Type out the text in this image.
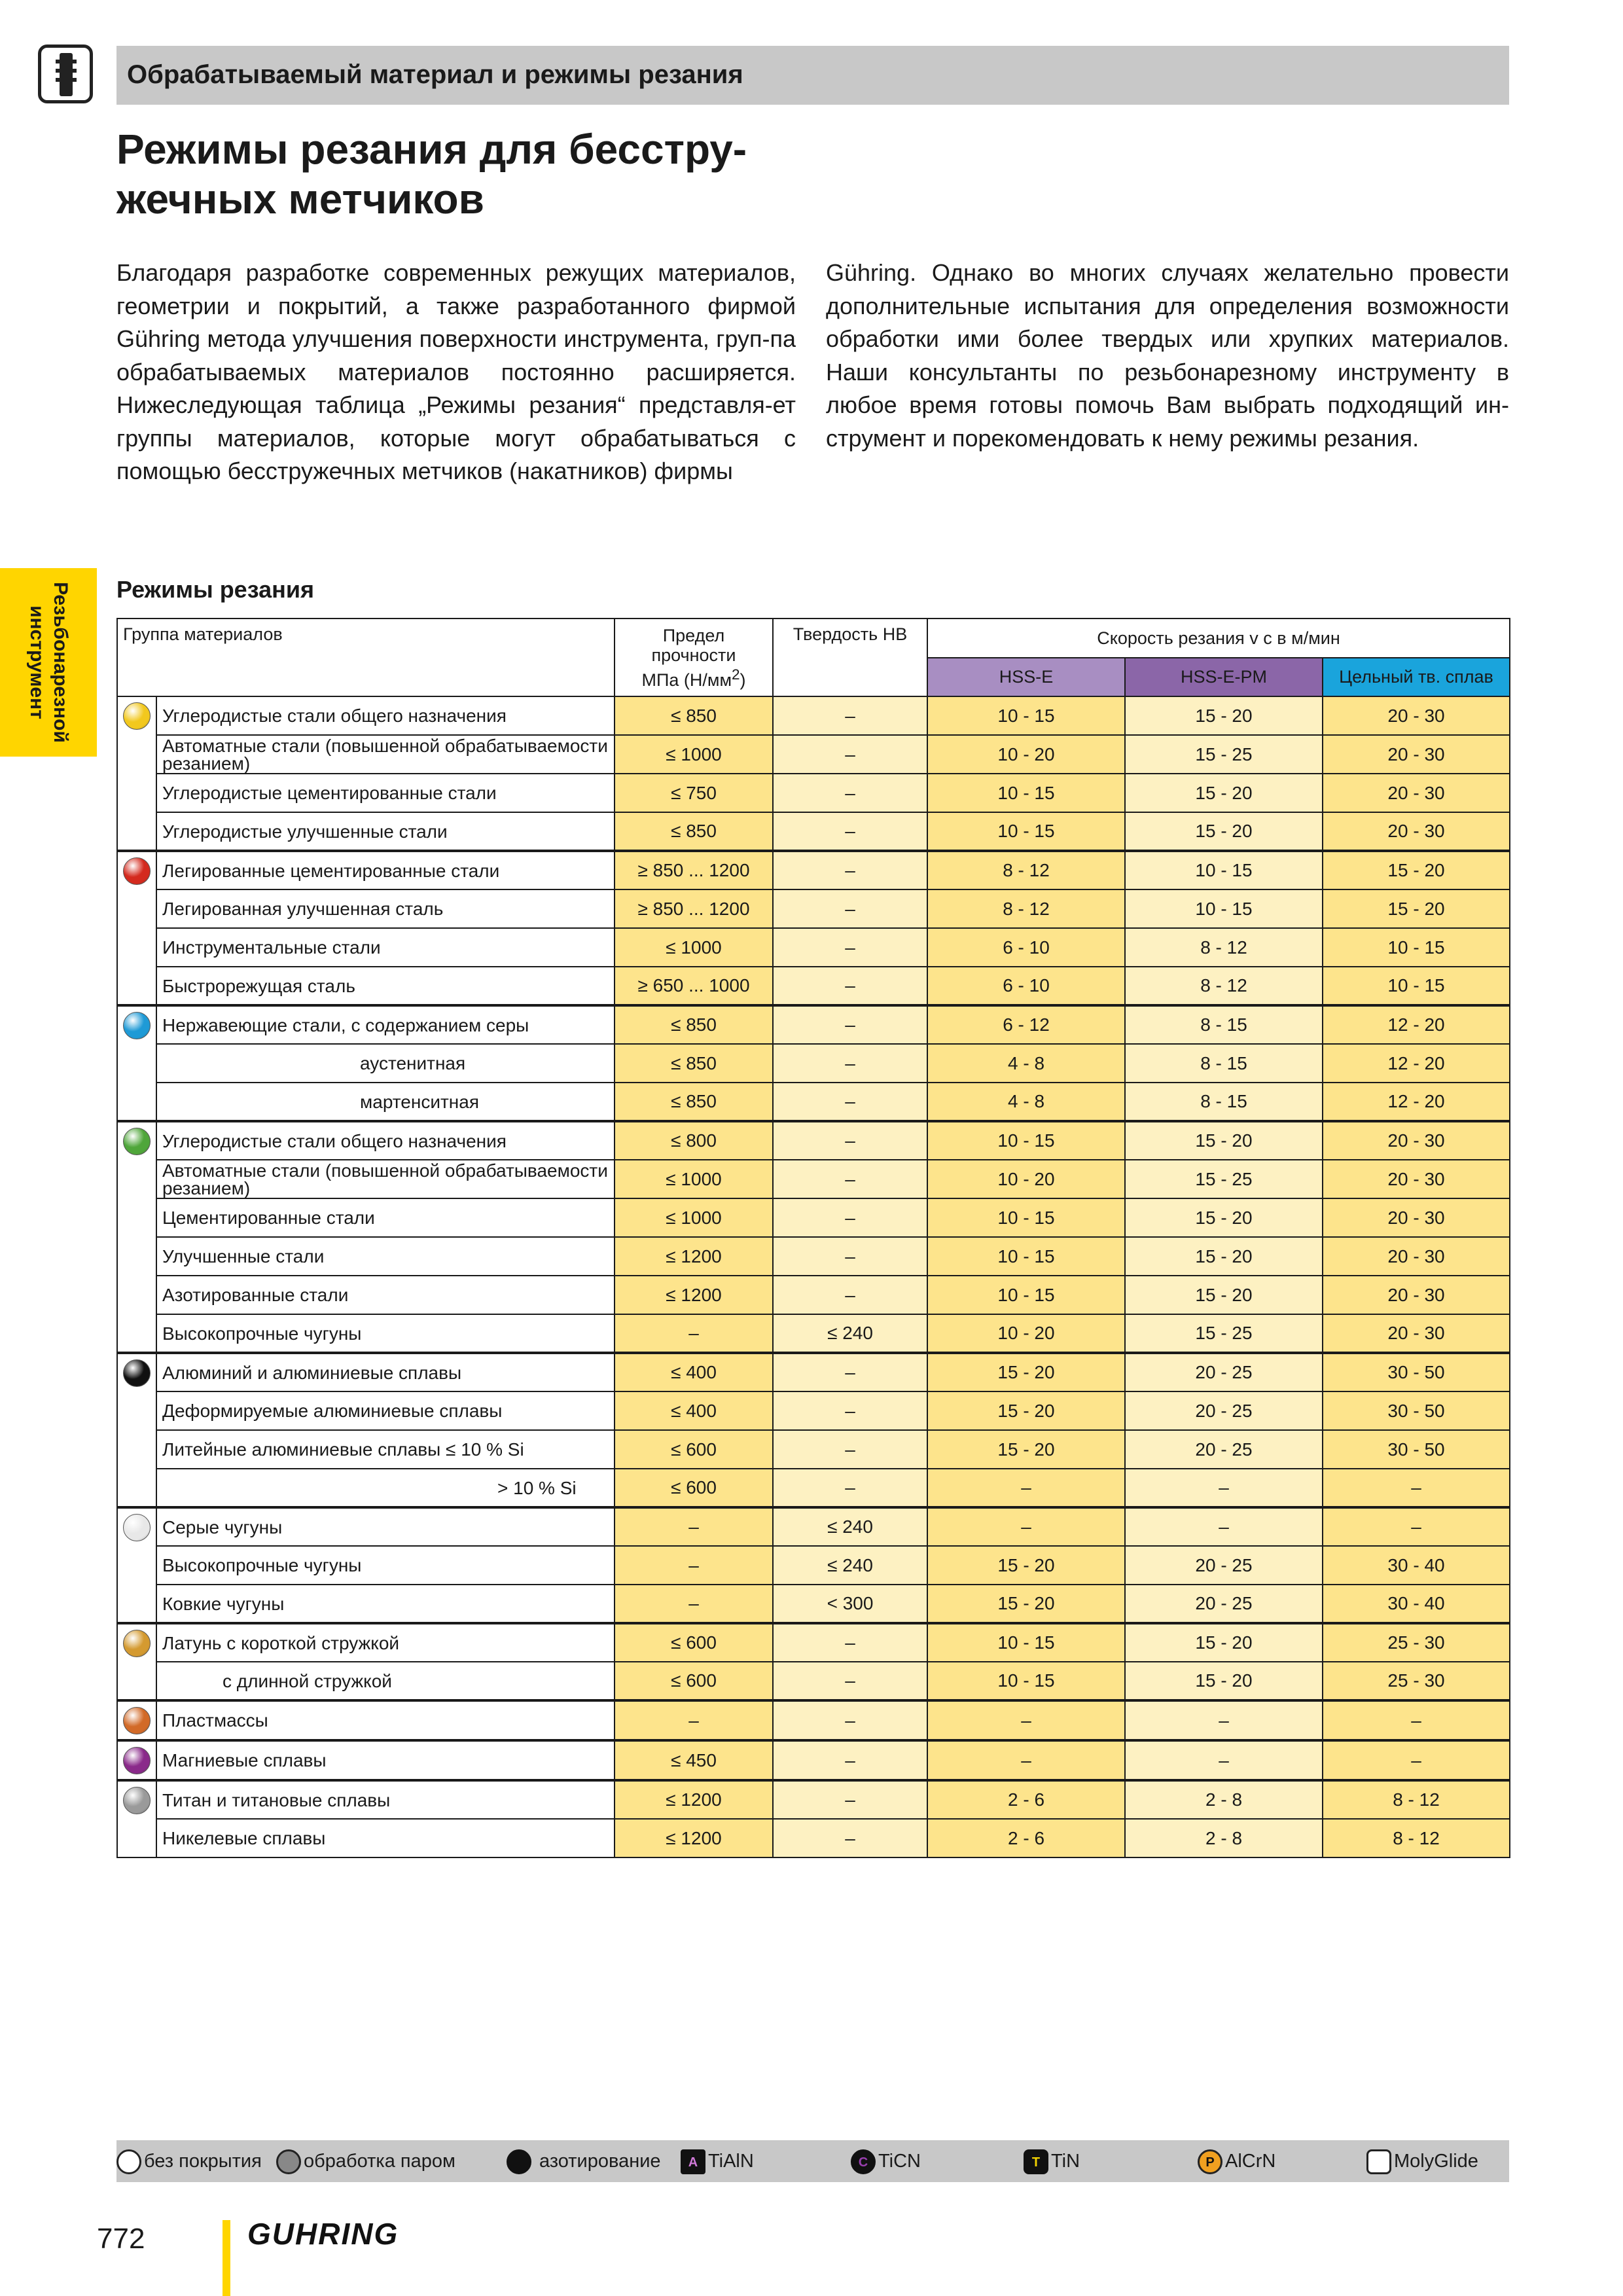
Обрабатываемый материал и режимы резания
Режимы резания для бесстру-
жечных метчиков

Благодаря разработке современных режущих материалов, геометрии и покрытий, а также разработанного фирмой Gühring метода улучшения поверхности инструмента, груп-па обрабатываемых материалов постоянно расширяется. Нижеследующая таблица „Режимы резания“ представля-ет группы материалов, которые могут обрабатываться с помощью бесстружечных метчиков (накатников) фирмы

Gühring. Однако во многих случаях желательно провести дополнительные испытания для определения возможности обработки ими более твердых или хрупких материалов. Наши консультанты по резьбонарезному инструменту в любое время готовы помочь Вам выбрать подходящий ин-струмент и порекомендовать к нему режимы резания.

Резьбонарезной
инструмент
Режимы резания
Группа материалов		Предел
прочности
МПа $(Н/мм^2)$	Твердость НВ	Скорость резания v c в м/мин		
				HSS-E	HSS-E-PM	Цельный тв. сплав
	Углеродистые стали общего назначения	≤ 850	–	10 - 15	15 - 20	20 - 30
	Автоматные стали (повышенной обрабатываемости резанием)	≤ 1000	–	10 - 20	15 - 25	20 - 30
	Углеродистые цементированные стали	≤ 750	–	10 - 15	15 - 20	20 - 30
	Углеродистые улучшенные стали	≤ 850	–	10 - 15	15 - 20	20 - 30
	Легированные цементированные стали	≥ 850 ... 1200	–	8 - 12	10 - 15	15 - 20
	Легированная улучшенная сталь	≥ 850 ... 1200	–	8 - 12	10 - 15	15 - 20
	Инструментальные стали	≤ 1000	–	6 - 10	8 - 12	10 - 15
	Быстрорежущая сталь	≥ 650 ... 1000	–	6 - 10	8 - 12	10 - 15
	Нержавеющие стали, с содержанием серы	≤ 850	–	6 - 12	8 - 15	12 - 20
	аустенитная	≤ 850	–	4 - 8	8 - 15	12 - 20
	мартенситная	≤ 850	–	4 - 8	8 - 15	12 - 20
	Углеродистые стали общего назначения	≤ 800	–	10 - 15	15 - 20	20 - 30
	Автоматные стали (повышенной обрабатываемости резанием)	≤ 1000	–	10 - 20	15 - 25	20 - 30
	Цементированные стали	≤ 1000	–	10 - 15	15 - 20	20 - 30
	Улучшенные стали	≤ 1200	–	10 - 15	15 - 20	20 - 30
	Азотированные стали	≤ 1200	–	10 - 15	15 - 20	20 - 30
	Высокопрочные чугуны	–	≤ 240	10 - 20	15 - 25	20 - 30
	Алюминий и алюминиевые сплавы	≤ 400	–	15 - 20	20 - 25	30 - 50
	Деформируемые алюминиевые сплавы	≤ 400	–	15 - 20	20 - 25	30 - 50
	Литейные алюминиевые сплавы ≤ 10 % Si	≤ 600	–	15 - 20	20 - 25	30 - 50
	> 10 % Si	≤ 600	–	–	–	–
	Серые чугуны	–	≤ 240	–	–	–
	Высокопрочные чугуны	–	≤ 240	15 - 20	20 - 25	30 - 40
	Ковкие чугуны	–	< 300	15 - 20	20 - 25	30 - 40
	Латунь с короткой стружкой	≤ 600	–	10 - 15	15 - 20	25 - 30
	с длинной стружкой	≤ 600	–	10 - 15	15 - 20	25 - 30
	Пластмассы	–	–	–	–	–
	Магниевые сплавы	≤ 450	–	–	–	–
	Титан и титановые сплавы	≤ 1200	–	2 - 6	2 - 8	8 - 12
	Никелевые сплавы	≤ 1200	–	2 - 6	2 - 8	8 - 12
без покрытия	обработка паром	азотирование	A TiAlN	C TiCN	T TiN	P AlCrN	MolyGlide
772	GUHRING
